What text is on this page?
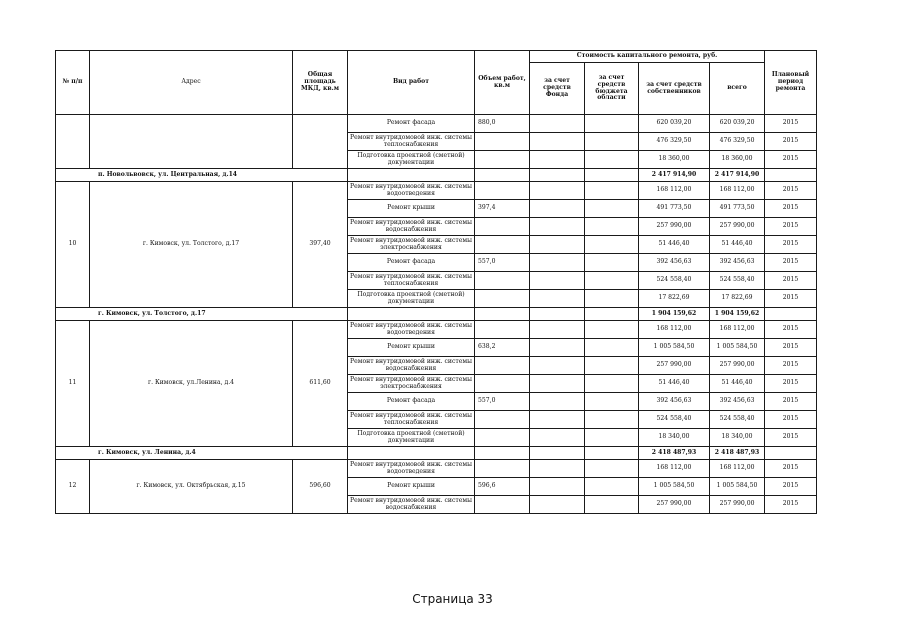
№ п/п	Адрес	Общая площадь МКД, кв.м	Вид работ	Объем работ, кв.м	Стоимость капитального ремонта, руб.				Плановый период ремонта
					за счет средств Фонда	за счет средств бюджета области	за счет средств собственников	всего	
			Ремонт фасада	880,0			620 039,20	620 039,20	2015
			Ремонт внутридомовой инж. системы теплоснабжения				476 329,50	476 329,50	2015
			Подготовка проектной (сметной) документации				18 360,00	18 360,00	2015
п. Новольвовск, ул. Центральная, д.14							2 417 914,90	2 417 914,90	
10	г. Кимовск, ул. Толстого, д.17	397,40	Ремонт внутридомовой инж. системы водоотведения				168 112,00	168 112,00	2015
			Ремонт крыши	397,4			491 773,50	491 773,50	2015
			Ремонт внутридомовой инж. системы водоснабжения				257 990,00	257 990,00	2015
			Ремонт внутридомовой инж. системы электроснабжения				51 446,40	51 446,40	2015
			Ремонт фасада	557,0			392 456,63	392 456,63	2015
			Ремонт внутридомовой инж. системы теплоснабжения				524 558,40	524 558,40	2015
			Подготовка проектной (сметной) документации				17 822,69	17 822,69	2015
г. Кимовск, ул. Толстого, д.17							1 904 159,62	1 904 159,62	
11	г. Кимовск, ул.Ленина, д.4	611,60	Ремонт внутридомовой инж. системы водоотведения				168 112,00	168 112,00	2015
			Ремонт крыши	638,2			1 005 584,50	1 005 584,50	2015
			Ремонт внутридомовой инж. системы водоснабжения				257 990,00	257 990,00	2015
			Ремонт внутридомовой инж. системы электроснабжения				51 446,40	51 446,40	2015
			Ремонт фасада	557,0			392 456,63	392 456,63	2015
			Ремонт внутридомовой инж. системы теплоснабжения				524 558,40	524 558,40	2015
			Подготовка проектной (сметной) документации				18 340,00	18 340,00	2015
г. Кимовск, ул. Ленина, д.4							2 418 487,93	2 418 487,93	
12	г. Кимовск, ул. Октябрьская, д.15	596,60	Ремонт внутридомовой инж. системы водоотведения				168 112,00	168 112,00	2015
			Ремонт крыши	596,6			1 005 584,50	1 005 584,50	2015
			Ремонт внутридомовой инж. системы водоснабжения				257 990,00	257 990,00	2015
Страница 33
